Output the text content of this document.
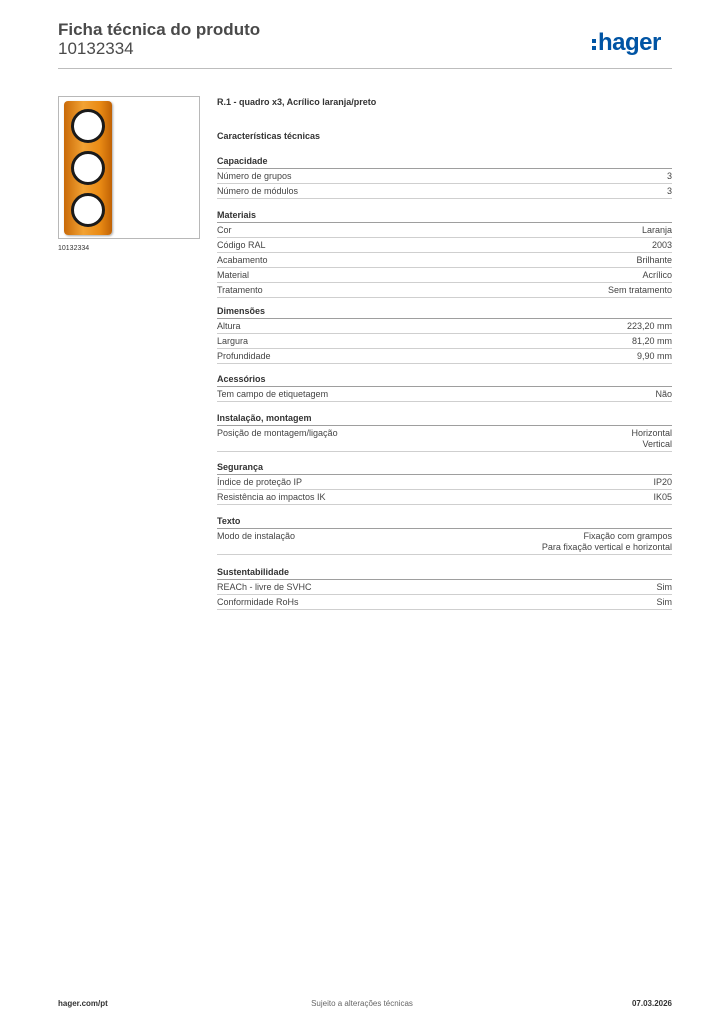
Ficha técnica do produto
10132334	hager
10132334
R.1 - quadro x3, Acrílico laranja/preto
Características técnicas
Capacidade
Número de grupos	3
Número de módulos	3
Materiais
Cor	Laranja
Código RAL	2003
Acabamento	Brilhante
Material	Acrílico
Tratamento	Sem tratamento
Dimensões
Altura	223,20 mm
Largura	81,20 mm
Profundidade	9,90 mm
Acessórios
Tem campo de etiquetagem	Não
Instalação, montagem
Posição de montagem/ligação	Horizontal
Vertical
Segurança
Índice de proteção IP	IP20
Resistência ao impactos IK	IK05
Texto
Modo de instalação	Fixação com grampos
Para fixação vertical e horizontal
Sustentabilidade
REACh - livre de SVHC	Sim
Conformidade RoHs	Sim
hager.com/pt	Sujeito a alterações técnicas	07.03.2026
